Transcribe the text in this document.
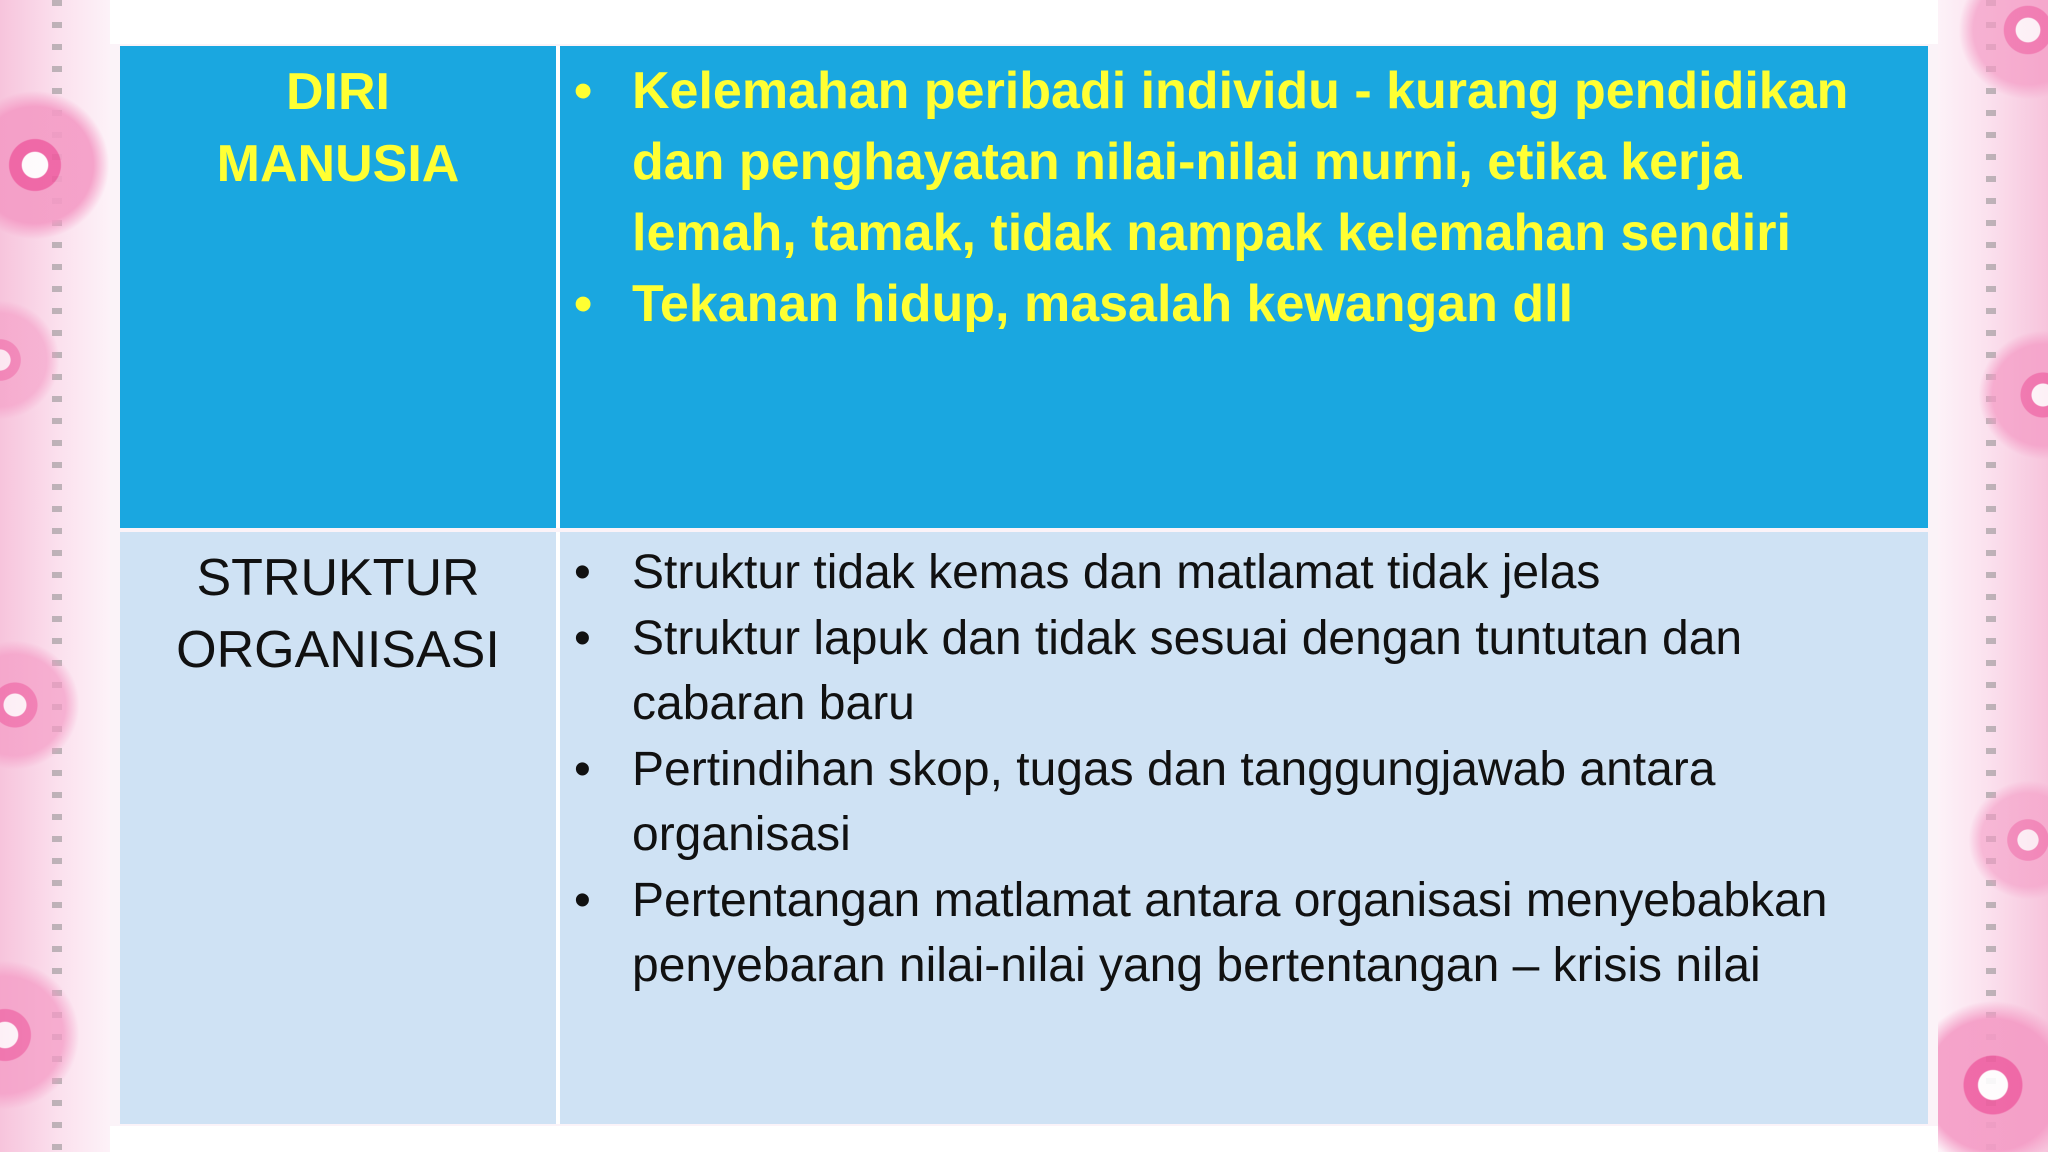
DIRI
MANUSIA
• Kelemahan peribadi individu - kurang pendidikan dan penghayatan nilai-nilai murni, etika kerja lemah, tamak, tidak nampak kelemahan sendiri
• Tekanan hidup, masalah kewangan dll
STRUKTUR
ORGANISASI
• Struktur tidak kemas dan matlamat tidak jelas
• Struktur lapuk dan tidak sesuai dengan tuntutan dan cabaran baru
• Pertindihan skop, tugas dan tanggungjawab antara organisasi
• Pertentangan matlamat antara organisasi menyebabkan penyebaran nilai-nilai yang bertentangan – krisis nilai
